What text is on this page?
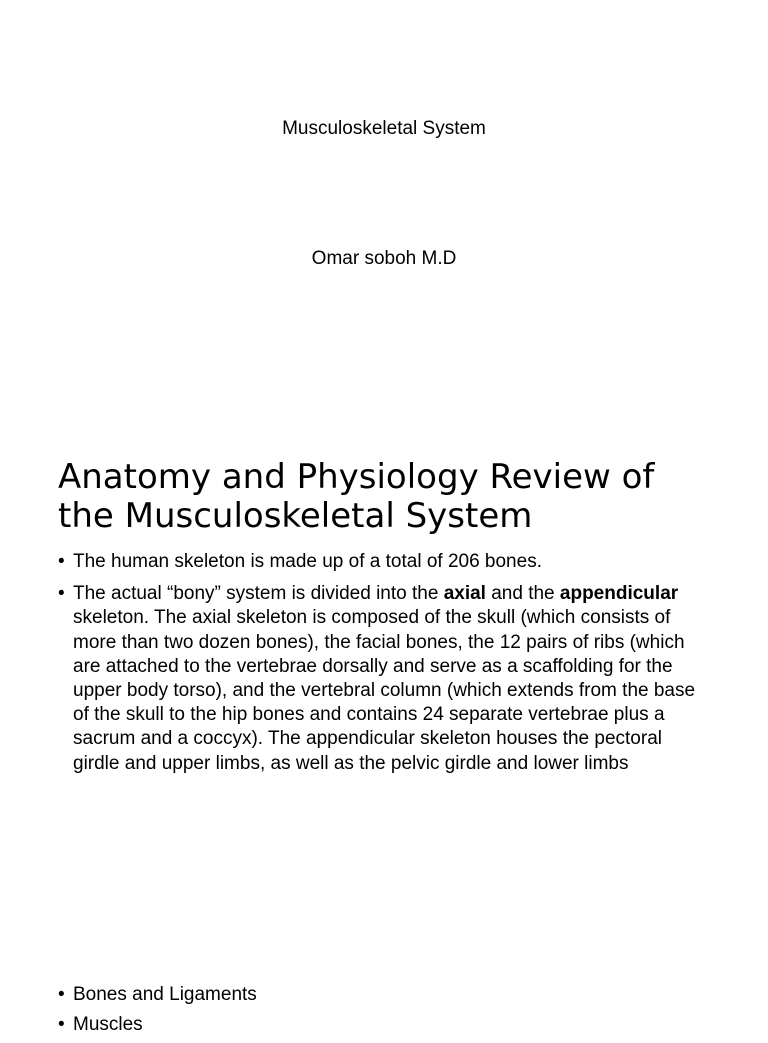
Musculoskeletal System
Omar soboh M.D
Anatomy and Physiology Review of
the Musculoskeletal System
• The human skeleton is made up of a total of 206 bones.
• The actual “bony” system is divided into the axial and the appendicular skeleton. The axial skeleton is composed of the skull (which consists of more than two dozen bones), the facial bones, the 12 pairs of ribs (which are attached to the vertebrae dorsally and serve as a scaffolding for the upper body torso), and the vertebral column (which extends from the base of the skull to the hip bones and contains 24 separate vertebrae plus a sacrum and a coccyx). The appendicular skeleton houses the pectoral girdle and upper limbs, as well as the pelvic girdle and lower limbs
• Bones and Ligaments
• Muscles
